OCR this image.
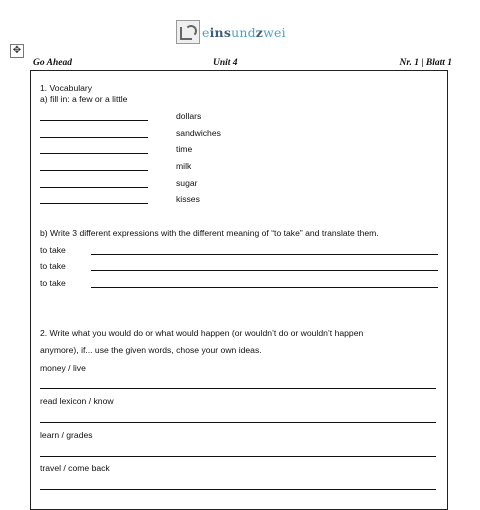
einsundzwei
✥
Go Ahead	Unit 4	Nr. 1 | Blatt 1
1. Vocabulary
a) fill in: a few or a little
dollars
sandwiches
time
milk
sugar
kisses
b) Write 3 different expressions with the different meaning of “to take” and translate them.
to take
to take
to take
2. Write what you would do or what would happen (or wouldn’t do or wouldn’t happen
anymore), if... use the given words, chose your own ideas.
money / live
read lexicon / know
learn / grades
travel / come back
